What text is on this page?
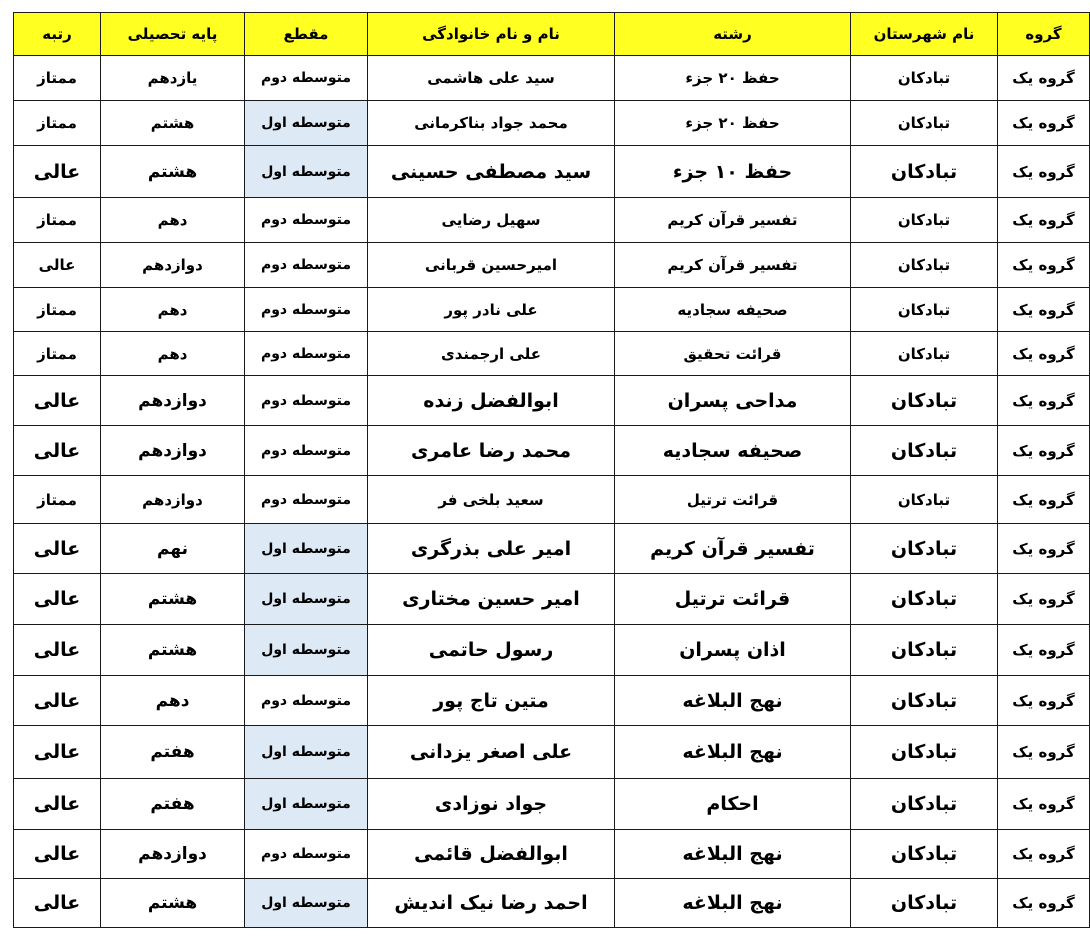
گروه	نام شهرستان	رشته	نام و نام خانوادگی	مقطع	پایه تحصیلی	رتبه
گروه یک	تبادکان	حفظ ۲۰ جزء	سید علی هاشمی	متوسطه دوم	یازدهم	ممتاز
گروه یک	تبادکان	حفظ ۲۰ جزء	محمد جواد بناکرمانی	متوسطه اول	هشتم	ممتاز
گروه یک	تبادکان	حفظ ۱۰ جزء	سید مصطفی حسینی	متوسطه اول	هشتم	عالی
گروه یک	تبادکان	تفسیر قرآن کریم	سهیل رضایی	متوسطه دوم	دهم	ممتاز
گروه یک	تبادکان	تفسیر قرآن کریم	امیرحسین قربانی	متوسطه دوم	دوازدهم	عالی
گروه یک	تبادکان	صحیفه سجادیه	علی نادر پور	متوسطه دوم	دهم	ممتاز
گروه یک	تبادکان	قرائت تحقیق	علی ارجمندی	متوسطه دوم	دهم	ممتاز
گروه یک	تبادکان	مداحی پسران	ابوالفضل زنده	متوسطه دوم	دوازدهم	عالی
گروه یک	تبادکان	صحیفه سجادیه	محمد رضا عامری	متوسطه دوم	دوازدهم	عالی
گروه یک	تبادکان	قرائت ترتیل	سعید بلخی فر	متوسطه دوم	دوازدهم	ممتاز
گروه یک	تبادکان	تفسیر قرآن کریم	امیر علی بذرگری	متوسطه اول	نهم	عالی
گروه یک	تبادکان	قرائت ترتیل	امیر حسین مختاری	متوسطه اول	هشتم	عالی
گروه یک	تبادکان	اذان پسران	رسول حاتمی	متوسطه اول	هشتم	عالی
گروه یک	تبادکان	نهج البلاغه	متین تاج پور	متوسطه دوم	دهم	عالی
گروه یک	تبادکان	نهج البلاغه	علی اصغر یزدانی	متوسطه اول	هفتم	عالی
گروه یک	تبادکان	احکام	جواد نوزادی	متوسطه اول	هفتم	عالی
گروه یک	تبادکان	نهج البلاغه	ابوالفضل قائمی	متوسطه دوم	دوازدهم	عالی
گروه یک	تبادکان	نهج البلاغه	احمد رضا نیک اندیش	متوسطه اول	هشتم	عالی
